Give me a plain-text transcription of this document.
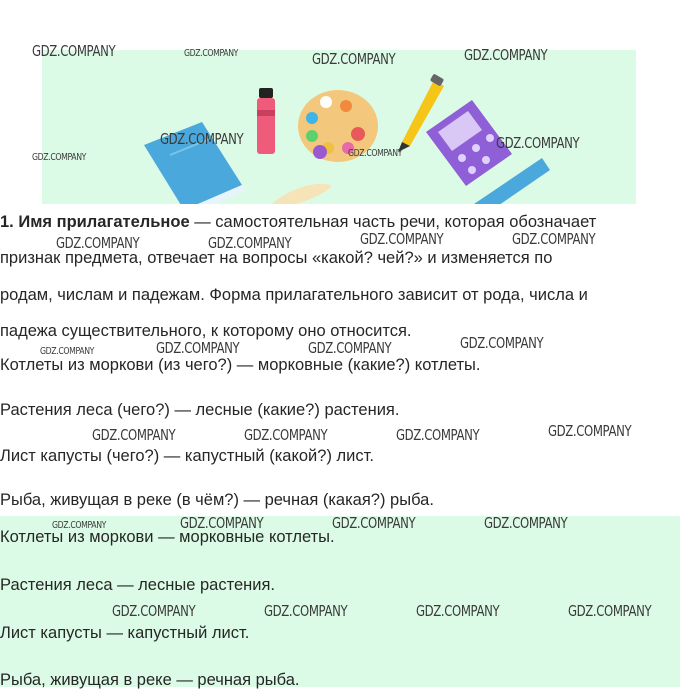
1. Имя прилагательное — самостоятельная часть речи, которая обозначает
признак предмета, отвечает на вопросы «какой? чей?» и изменяется по
родам, числам и падежам. Форма прилагательного зависит от рода, числа и
падежа существительного, к которому оно относится.
Котлеты из моркови (из чего?) — морковные (какие?) котлеты.
Растения леса (чего?) — лесные (какие?) растения.
Лист капусты (чего?) — капустный (какой?) лист.
Рыба, живущая в реке (в чём?) — речная (какая?) рыба.
Котлеты из моркови — морковные котлеты.
Растения леса — лесные растения.
Лист капусты — капустный лист.
Рыба, живущая в реке — речная рыба.
GDZ.COMPANY	GDZ.COMPANY	GDZ.COMPANY	GDZ.COMPANY
GDZ.COMPANY	GDZ.COMPANY
GDZ.COMPANY	GDZ.COMPANY
GDZ.COMPANY	GDZ.COMPANY	GDZ.COMPANY	GDZ.COMPANY
GDZ.COMPANY	GDZ.COMPANY	GDZ.COMPANY	GDZ.COMPANY
GDZ.COMPANY	GDZ.COMPANY	GDZ.COMPANY	GDZ.COMPANY
GDZ.COMPANY	GDZ.COMPANY	GDZ.COMPANY	GDZ.COMPANY
GDZ.COMPANY	GDZ.COMPANY	GDZ.COMPANY	GDZ.COMPANY
